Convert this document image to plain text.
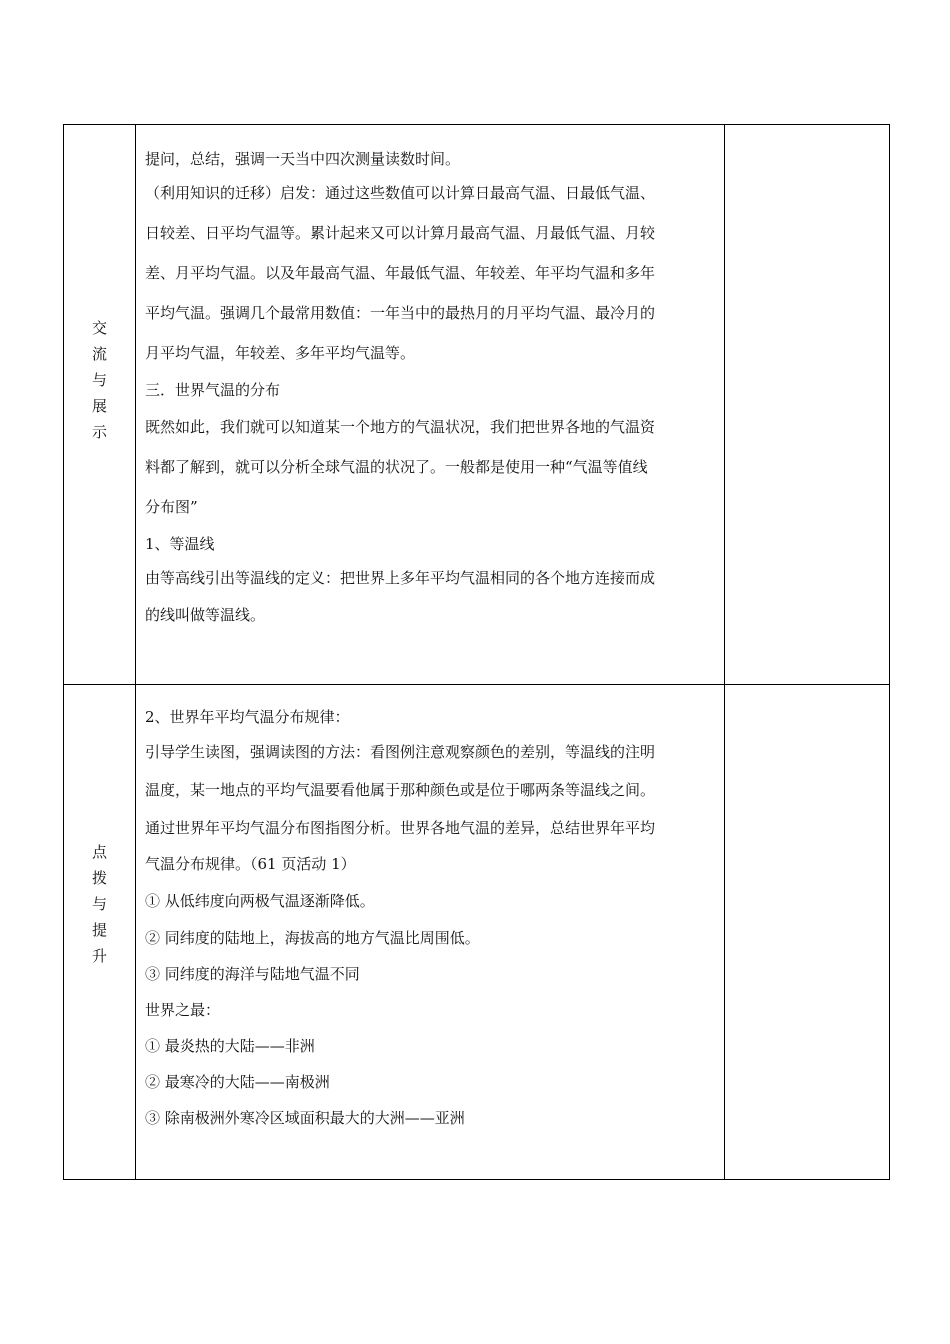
交
流
与
展
示

提问，总结，强调一天当中四次测量读数时间。

（利用知识的迁移）启发：通过这些数值可以计算日最高气温、日最低气温、

日较差、日平均气温等。累计起来又可以计算月最高气温、月最低气温、月较

差、月平均气温。以及年最高气温、年最低气温、年较差、年平均气温和多年

平均气温。强调几个最常用数值：一年当中的最热月的月平均气温、最冷月的

月平均气温，年较差、多年平均气温等。

三．世界气温的分布

既然如此，我们就可以知道某一个地方的气温状况，我们把世界各地的气温资

料都了解到，就可以分析全球气温的状况了。一般都是使用一种“气温等值线

分布图”

1、等温线

由等高线引出等温线的定义：把世界上多年平均气温相同的各个地方连接而成

的线叫做等温线。

点
拨
与
提
升

2、世界年平均气温分布规律：

引导学生读图，强调读图的方法：看图例注意观察颜色的差别，等温线的注明

温度，某一地点的平均气温要看他属于那种颜色或是位于哪两条等温线之间。

通过世界年平均气温分布图指图分析。世界各地气温的差异，总结世界年平均

气温分布规律。（61 页活动 1）

① 从低纬度向两极气温逐渐降低。

② 同纬度的陆地上，海拔高的地方气温比周围低。

③ 同纬度的海洋与陆地气温不同

世界之最：

① 最炎热的大陆——非洲

② 最寒冷的大陆——南极洲

③ 除南极洲外寒冷区域面积最大的大洲——亚洲
